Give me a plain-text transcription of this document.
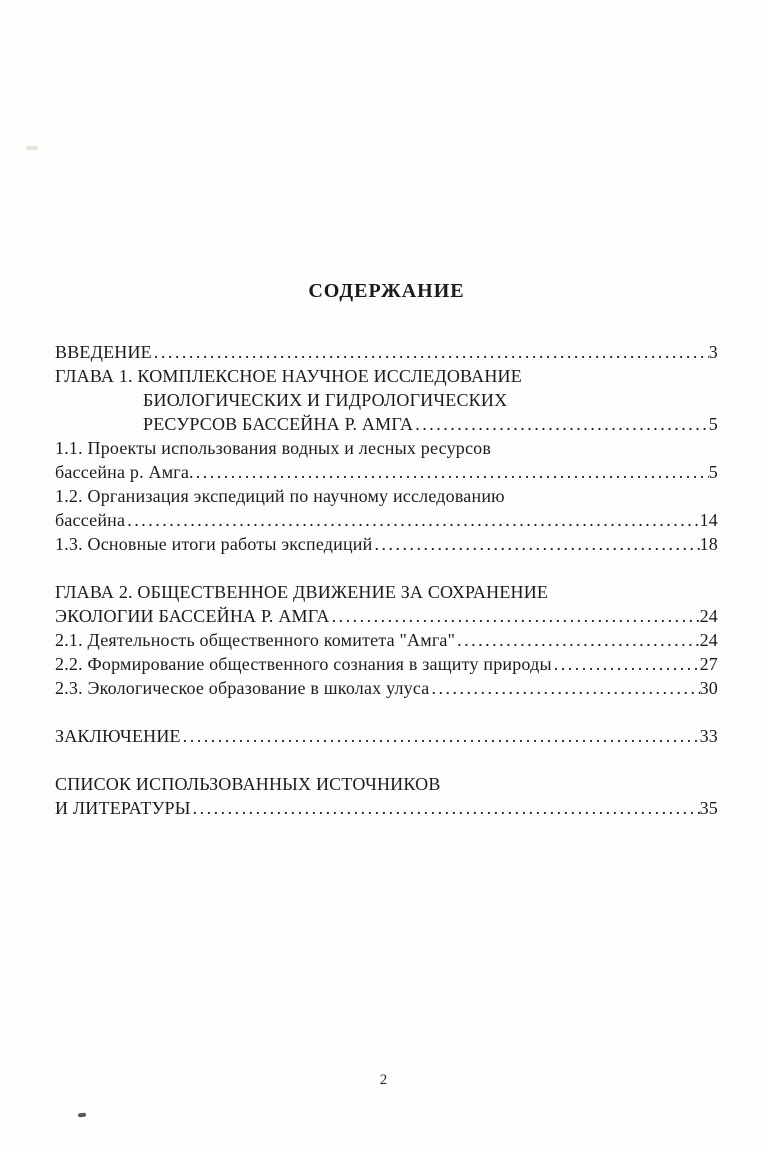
СОДЕРЖАНИЕ
ВВЕДЕНИЕ .....	3
ГЛАВА 1. КОМПЛЕКСНОЕ НАУЧНОЕ ИССЛЕДОВАНИЕ
БИОЛОГИЧЕСКИХ И ГИДРОЛОГИЧЕСКИХ
РЕСУРСОВ БАССЕЙНА Р. АМГА .....	5
1.1. Проекты использования водных и лесных ресурсов
бассейна р. Амга. .....	5
1.2. Организация экспедиций по научному исследованию
бассейна .....	14
1.3. Основные итоги работы экспедиций .....	18
ГЛАВА 2. ОБЩЕСТВЕННОЕ ДВИЖЕНИЕ ЗА СОХРАНЕНИЕ
ЭКОЛОГИИ БАССЕЙНА Р. АМГА .....	24
2.1. Деятельность общественного комитета "Амга" .....	24
2.2. Формирование общественного сознания в защиту природы .....	27
2.3. Экологическое образование в школах улуса .....	30
ЗАКЛЮЧЕНИЕ .....	33
СПИСОК ИСПОЛЬЗОВАННЫХ ИСТОЧНИКОВ
И ЛИТЕРАТУРЫ .....	35
2
